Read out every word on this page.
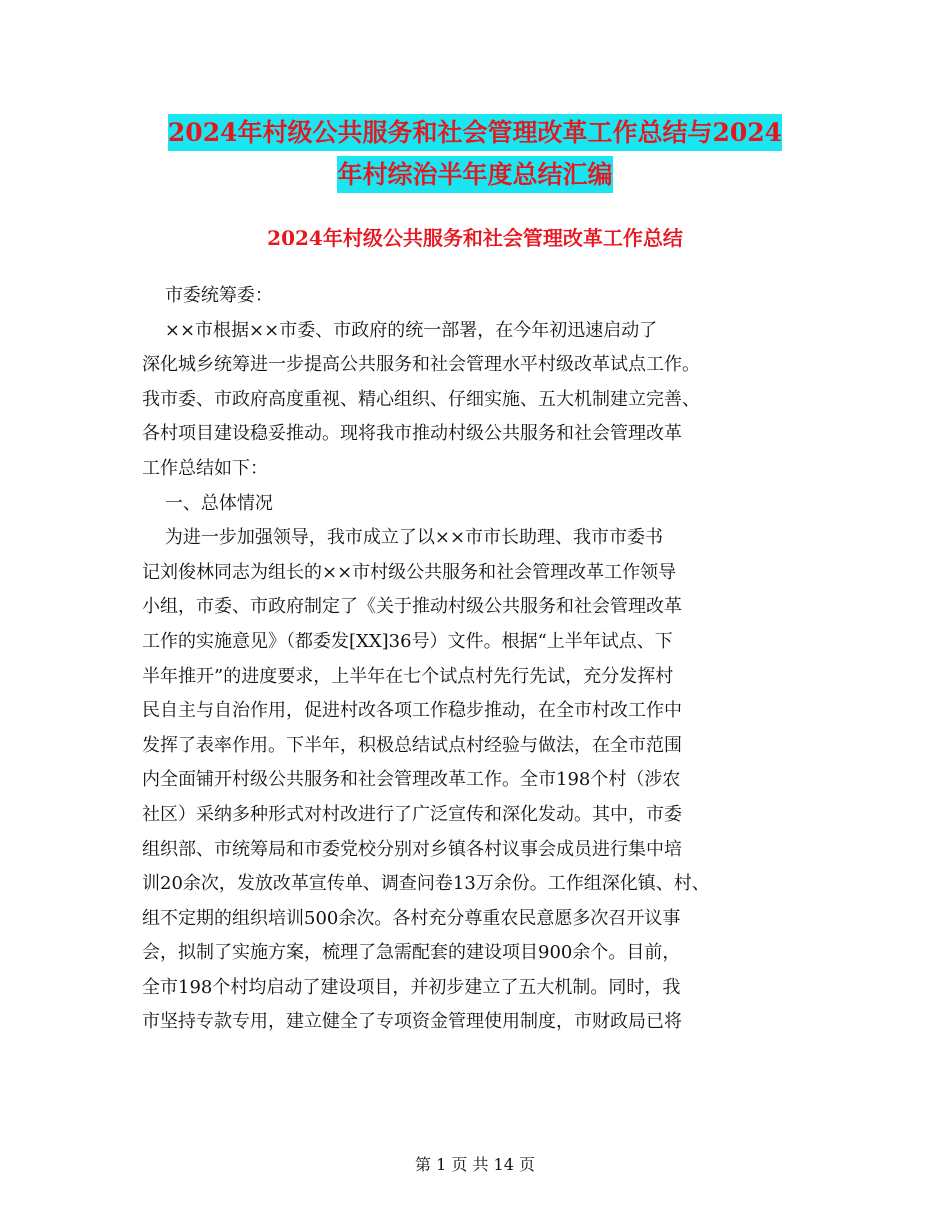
2024年村级公共服务和社会管理改革工作总结与2024
年村综治半年度总结汇编
2024年村级公共服务和社会管理改革工作总结
市委统筹委：
××市根据××市委、市政府的统一部署，在今年初迅速启动了
深化城乡统筹进一步提高公共服务和社会管理水平村级改革试点工作。
我市委、市政府高度重视、精心组织、仔细实施、五大机制建立完善、
各村项目建设稳妥推动。现将我市推动村级公共服务和社会管理改革
工作总结如下：
一、总体情况
为进一步加强领导，我市成立了以××市市长助理、我市市委书
记刘俊林同志为组长的××市村级公共服务和社会管理改革工作领导
小组，市委、市政府制定了《关于推动村级公共服务和社会管理改革
工作的实施意见》（都委发[XX]36号）文件。根据“上半年试点、下
半年推开”的进度要求，上半年在七个试点村先行先试，充分发挥村
民自主与自治作用，促进村改各项工作稳步推动，在全市村改工作中
发挥了表率作用。下半年，积极总结试点村经验与做法，在全市范围
内全面铺开村级公共服务和社会管理改革工作。全市198个村（涉农
社区）采纳多种形式对村改进行了广泛宣传和深化发动。其中，市委
组织部、市统筹局和市委党校分别对乡镇各村议事会成员进行集中培
训20余次，发放改革宣传单、调查问卷13万余份。工作组深化镇、村、
组不定期的组织培训500余次。各村充分尊重农民意愿多次召开议事
会，拟制了实施方案，梳理了急需配套的建设项目900余个。目前，
全市198个村均启动了建设项目，并初步建立了五大机制。同时，我
市坚持专款专用，建立健全了专项资金管理使用制度，市财政局已将
第 1 页 共 14 页
